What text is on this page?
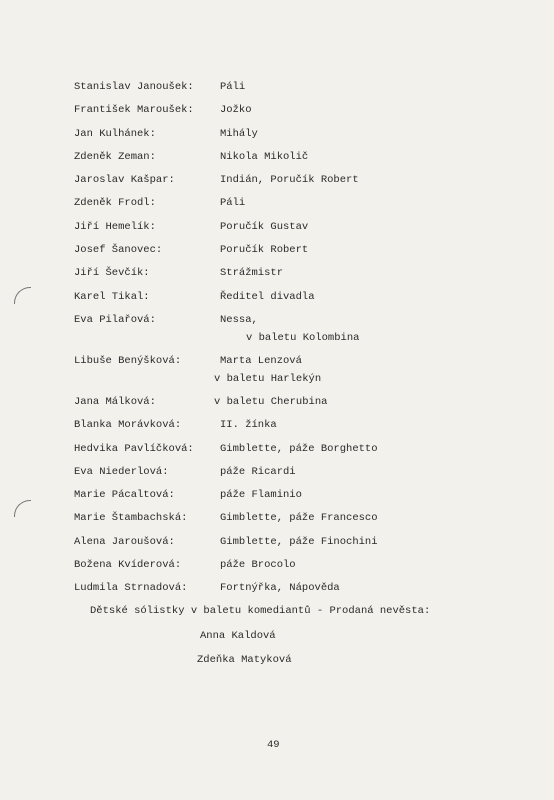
Stanislav Janoušek:	Páli
František Maroušek:	Jožko
Jan Kulhánek:	Mihály
Zdeněk Zeman:	Nikola Mikolič
Jaroslav Kašpar:	Indián, Poručík Robert
Zdeněk Frodl:	Páli
Jiří Hemelík:	Poručík Gustav
Josef Šanovec:	Poručík Robert
Jiří Ševčík:	Strážmistr
Karel Tikal:	Ředitel divadla
Eva Pilařová:	Nessa,
v baletu Kolombina
Libuše Benýšková:	Marta Lenzová
v baletu Harlekýn
Jana Málková:	v baletu Cherubina
Blanka Morávková:	II. žínka
Hedvika Pavlíčková:	Gimblette, páže Borghetto
Eva Niederlová:	páže Ricardi
Marie Pácaltová:	páže Flaminio
Marie Štambachská:	Gimblette, páže Francesco
Alena Jaroušová:	Gimblette, páže Finochini
Božena Kvíderová:	páže Brocolo
Ludmila Strnadová:	Fortnýřka, Nápověda
Dětské sólistky v baletu komediantů - Prodaná nevěsta:
Anna Kaldová
Zdeňka Matyková
49
